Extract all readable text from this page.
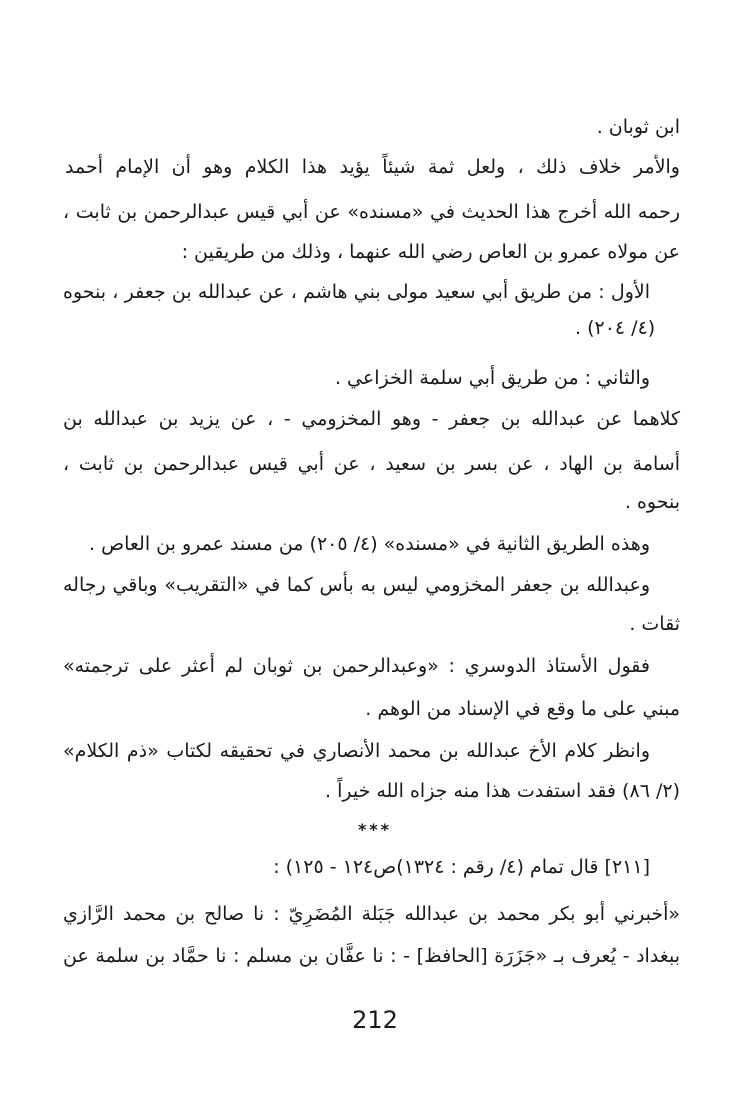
ابن ثوبان .
والأمر خلاف ذلك ، ولعل ثمة شيئاً يؤيد هذا الكلام وهو أن الإمام أحمد
رحمه الله أخرج هذا الحديث في «مسنده» عن أبي قيس عبدالرحمن بن ثابت ،
عن مولاه عمرو بن العاص رضي الله عنهما ، وذلك من طريقين :
الأول : من طريق أبي سعيد مولى بني هاشم ، عن عبدالله بن جعفر ، بنحوه
(٤/ ٢٠٤) .
والثاني : من طريق أبي سلمة الخزاعي .
كلاهما عن عبدالله بن جعفر - وهو المخزومي - ، عن يزيد بن عبدالله بن
أسامة بن الهاد ، عن بسر بن سعيد ، عن أبي قيس عبدالرحمن بن ثابت ،
بنحوه .
وهذه الطريق الثانية في «مسنده» (٤/ ٢٠٥) من مسند عمرو بن العاص .
وعبدالله بن جعفر المخزومي ليس به بأس كما في «التقريب» وباقي رجاله
ثقات .
فقول الأستاذ الدوسري : «وعبدالرحمن بن ثوبان لم أعثر على ترجمته»
مبني على ما وقع في الإسناد من الوهم .
وانظر كلام الأخ عبدالله بن محمد الأنصاري في تحقيقه لكتاب «ذم الكلام»
(٢/ ٨٦) فقد استفدت هذا منه جزاه الله خيراً .
***
[٢١١] قال تمام (٤/ رقم : ١٣٢٤)ص١٢٤ - ١٢٥) :
«أخبرني أبو بكر محمد بن عبدالله جَبَلة المُضَرِيّ : نا صالح بن محمد الرَّازي
ببغداد - يُعرف بـ «جَزَرَة [الحافظ] - : نا عفَّان بن مسلم : نا حمَّاد بن سلمة عن
212
